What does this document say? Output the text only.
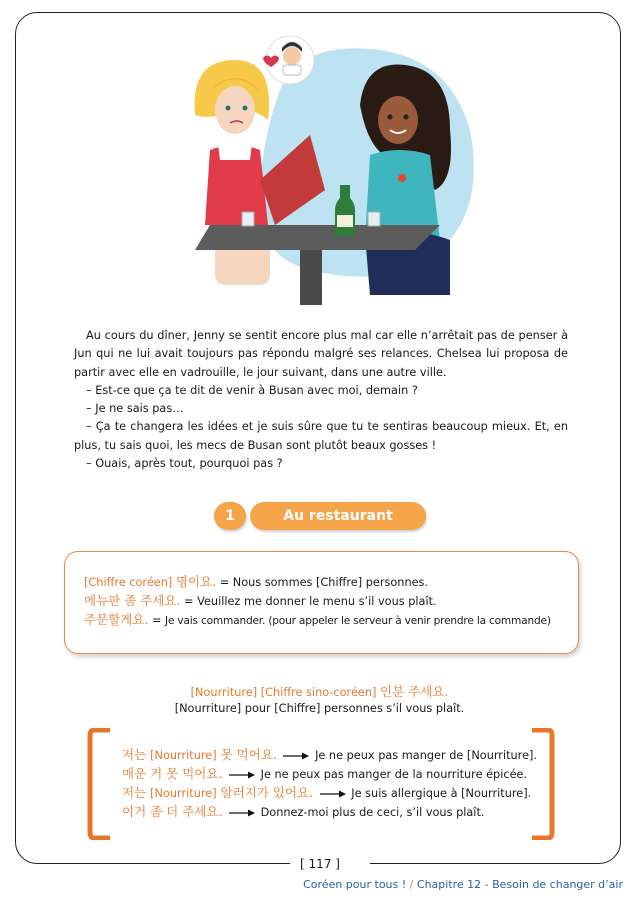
Au cours du dîner, Jenny se sentit encore plus mal car elle n’arrêtait pas de penser à Jun qui ne lui avait toujours pas répondu malgré ses relances. Chelsea lui proposa de partir avec elle en vadrouille, le jour suivant, dans une autre ville.

– Est-ce que ça te dit de venir à Busan avec moi, demain ?

– Je ne sais pas…

– Ça te changera les idées et je suis sûre que tu te sentiras beaucoup mieux. Et, en plus, tu sais quoi, les mecs de Busan sont plutôt beaux gosses !

– Ouais, après tout, pourquoi pas ?

1	Au restaurant
[Chiffre coréen] 명이요. = Nous sommes [Chiffre] personnes.
메뉴판 좀 주세요. = Veuillez me donner le menu s’il vous plaît.
주문할게요. = Je vais commander. (pour appeler le serveur à venir prendre la commande)
[Nourriture] [Chiffre sino-coréen] 인분 주세요.
[Nourriture] pour [Chiffre] personnes s’il vous plaît.
저는 [Nourriture] 못 먹어요.	Je ne peux pas manger de [Nourriture].
매운 거 못 먹어요.	Je ne peux pas manger de la nourriture épicée.
저는 [Nourriture] 알러지가 있어요.	Je suis allergique à [Nourriture].
이거 좀 더 주세요.	Donnez-moi plus de ceci, s’il vous plaît.
[ 117 ]
Coréen pour tous ! / Chapitre 12 - Besoin de changer d’air
